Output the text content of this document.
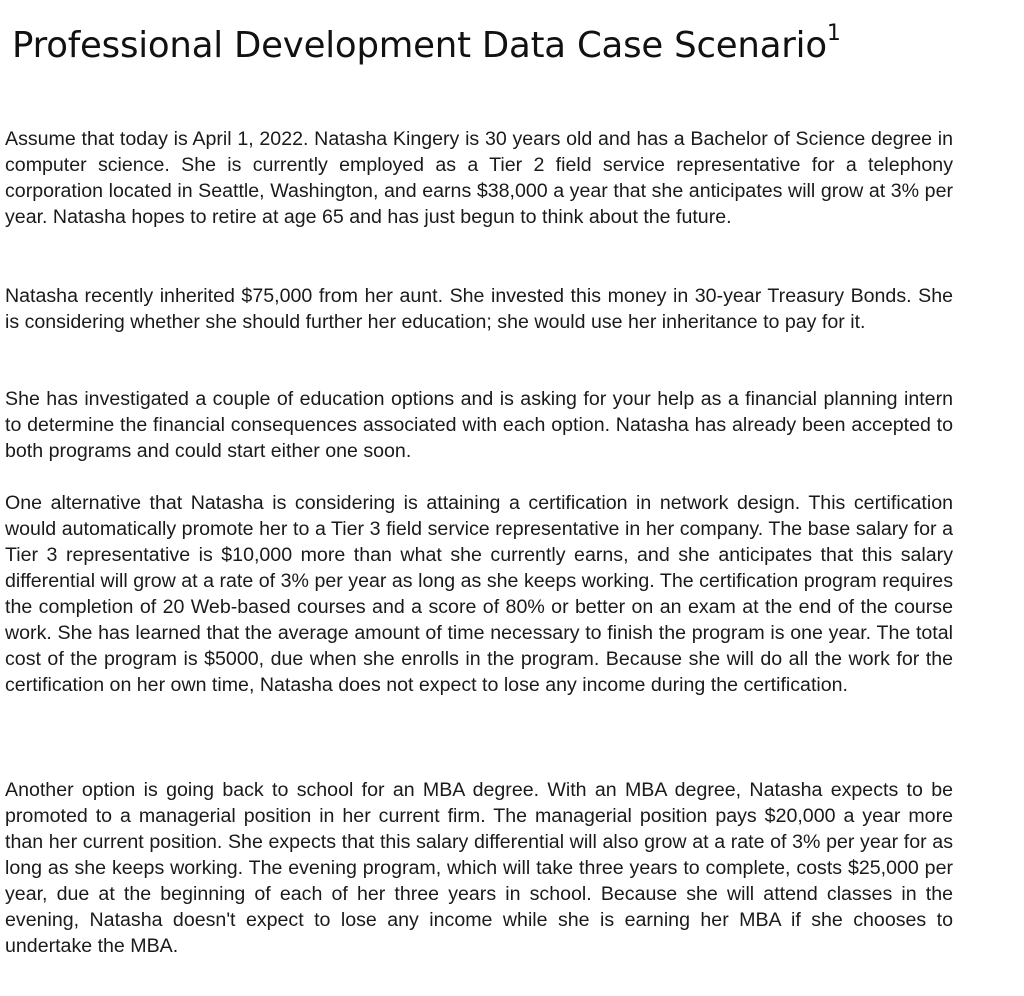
Professional Development Data Case Scenario$^1$

Assume that today is April 1, 2022. Natasha Kingery is 30 years old and has a Bachelor of Science degree in computer science. She is currently employed as a Tier 2 field service representative for a telephony corporation located in Seattle, Washington, and earns $38,000 a year that she anticipates will grow at 3% per year. Natasha hopes to retire at age 65 and has just begun to think about the future.

Natasha recently inherited $75,000 from her aunt. She invested this money in 30-year Treasury Bonds. She is considering whether she should further her education; she would use her inheritance to pay for it.

She has investigated a couple of education options and is asking for your help as a financial planning intern to determine the financial consequences associated with each option. Natasha has already been accepted to both programs and could start either one soon.

One alternative that Natasha is considering is attaining a certification in network design. This certification would automatically promote her to a Tier 3 field service representative in her company. The base salary for a Tier 3 representative is $10,000 more than what she currently earns, and she anticipates that this salary differential will grow at a rate of 3% per year as long as she keeps working. The certification program requires the completion of 20 Web-based courses and a score of 80% or better on an exam at the end of the course work. She has learned that the average amount of time necessary to finish the program is one year. The total cost of the program is $5000, due when she enrolls in the program. Because she will do all the work for the certification on her own time, Natasha does not expect to lose any income during the certification.

Another option is going back to school for an MBA degree. With an MBA degree, Natasha expects to be promoted to a managerial position in her current firm. The managerial position pays $20,000 a year more than her current position. She expects that this salary differential will also grow at a rate of 3% per year for as long as she keeps working. The evening program, which will take three years to complete, costs $25,000 per year, due at the beginning of each of her three years in school. Because she will attend classes in the evening, Natasha doesn't expect to lose any income while she is earning her MBA if she chooses to undertake the MBA.
